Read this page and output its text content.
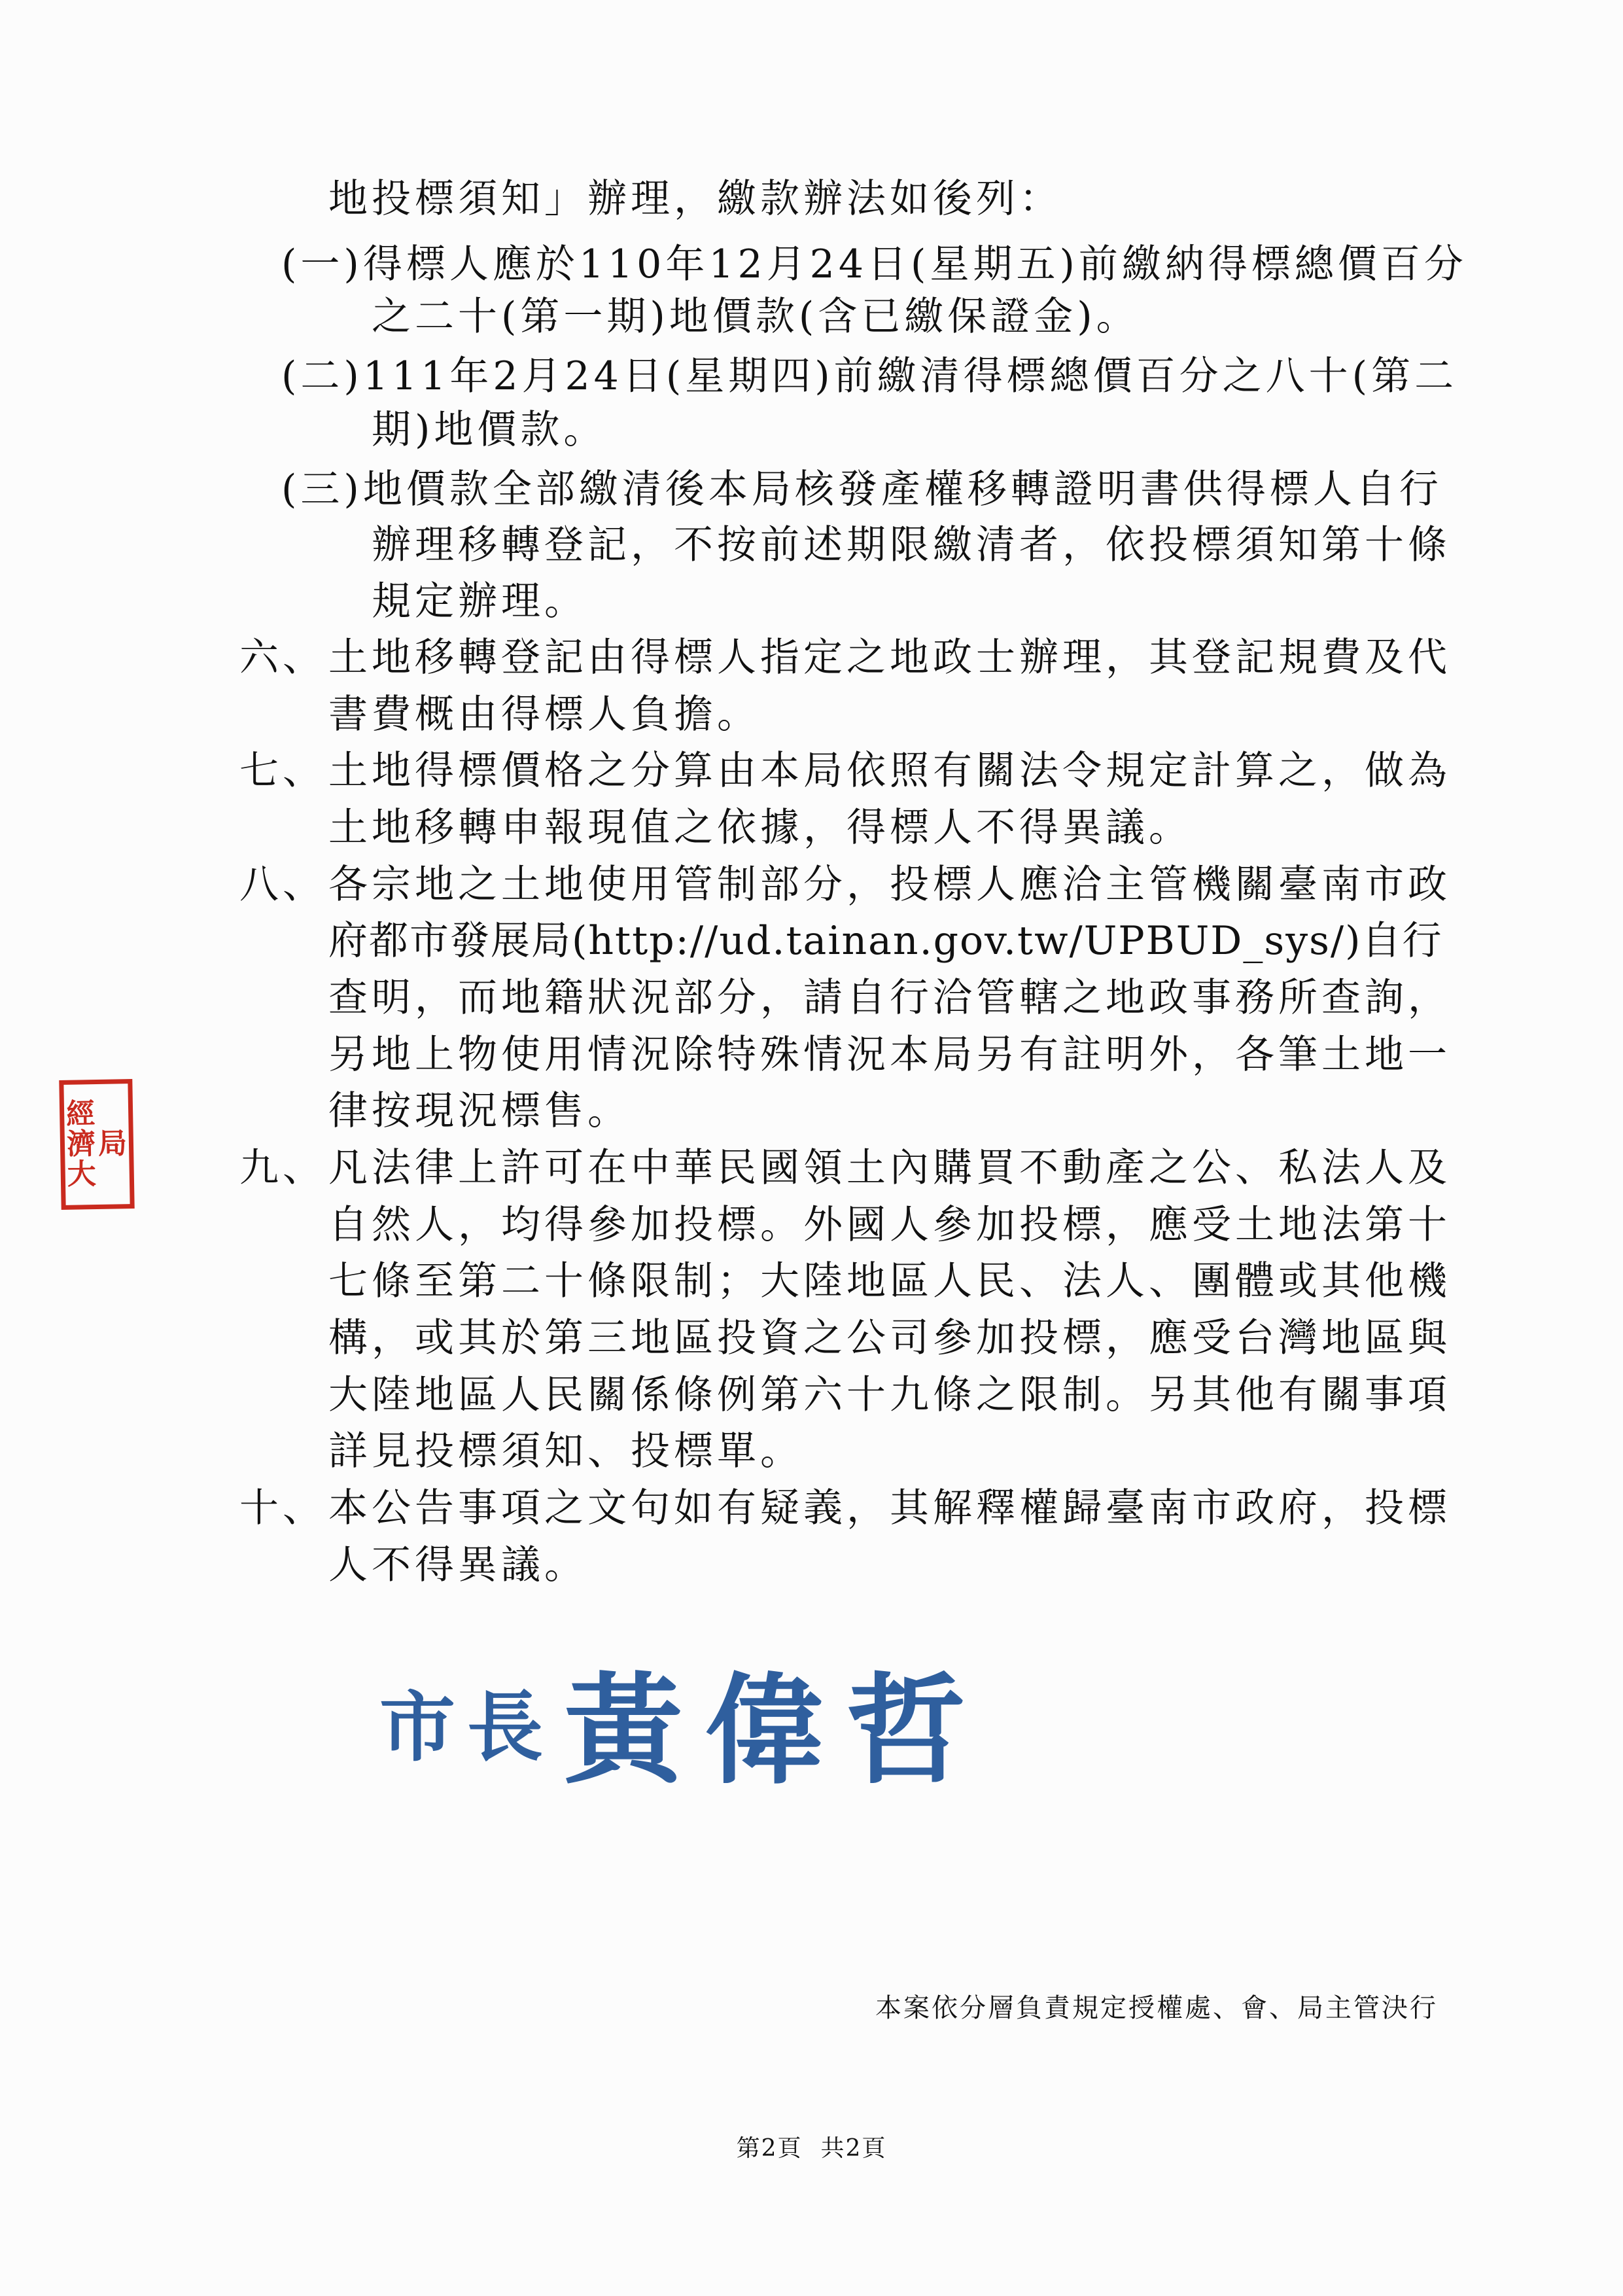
地投標須知」辦理，繳款辦法如後列：
(一)得標人應於110年12月24日(星期五)前繳納得標總價百分
之二十(第一期)地價款(含已繳保證金)。
(二)111年2月24日(星期四)前繳清得標總價百分之八十(第二
期)地價款。
(三)地價款全部繳清後本局核發產權移轉證明書供得標人自行
辦理移轉登記，不按前述期限繳清者，依投標須知第十條
規定辦理。
六、 土地移轉登記由得標人指定之地政士辦理，其登記規費及代
書費概由得標人負擔。
七、 土地得標價格之分算由本局依照有關法令規定計算之，做為
土地移轉申報現值之依據，得標人不得異議。
八、 各宗地之土地使用管制部分，投標人應洽主管機關臺南市政
府都市發展局(http://ud.tainan.gov.tw/UPBUD_sys/)自行
查明，而地籍狀況部分，請自行洽管轄之地政事務所查詢，
另地上物使用情況除特殊情況本局另有註明外，各筆土地一
律按現況標售。
九、 凡法律上許可在中華民國領土內購買不動產之公、私法人及
自然人，均得參加投標。外國人參加投標，應受土地法第十
七條至第二十條限制；大陸地區人民、法人、團體或其他機
構，或其於第三地區投資之公司參加投標，應受台灣地區與
大陸地區人民關係條例第六十九條之限制。另其他有關事項
詳見投標須知、投標單。
十、 本公告事項之文句如有疑義，其解釋權歸臺南市政府，投標
人不得異議。
經
濟
大
局
市長黃偉哲
本案依分層負責規定授權處、會、局主管決行
第2頁 共2頁
